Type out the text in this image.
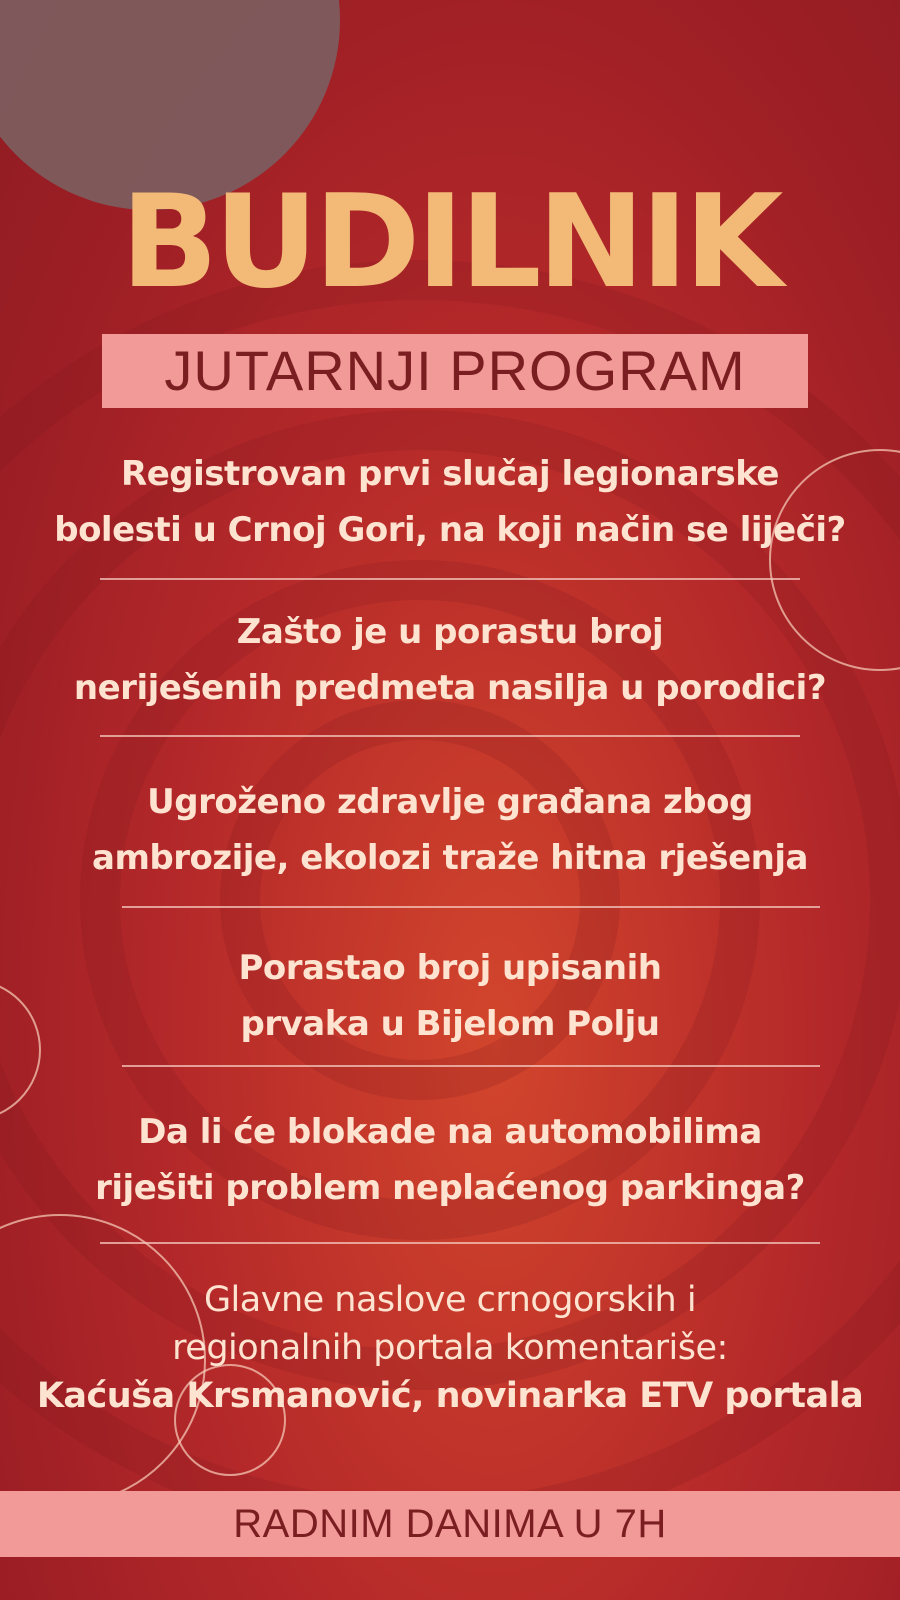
BUDILNIK
JUTARNJI PROGRAM
Registrovan prvi slučaj legionarske
bolesti u Crnoj Gori, na koji način se liječi?
Zašto je u porastu broj
neriješenih predmeta nasilja u porodici?
Ugroženo zdravlje građana zbog
ambrozije, ekolozi traže hitna rješenja
Porastao broj upisanih
prvaka u Bijelom Polju
Da li će blokade na automobilima
riješiti problem neplaćenog parkinga?
Glavne naslove crnogorskih i
regionalnih portala komentariše:
Kaćuša Krsmanović, novinarka ETV portala
RADNIM DANIMA U 7H
